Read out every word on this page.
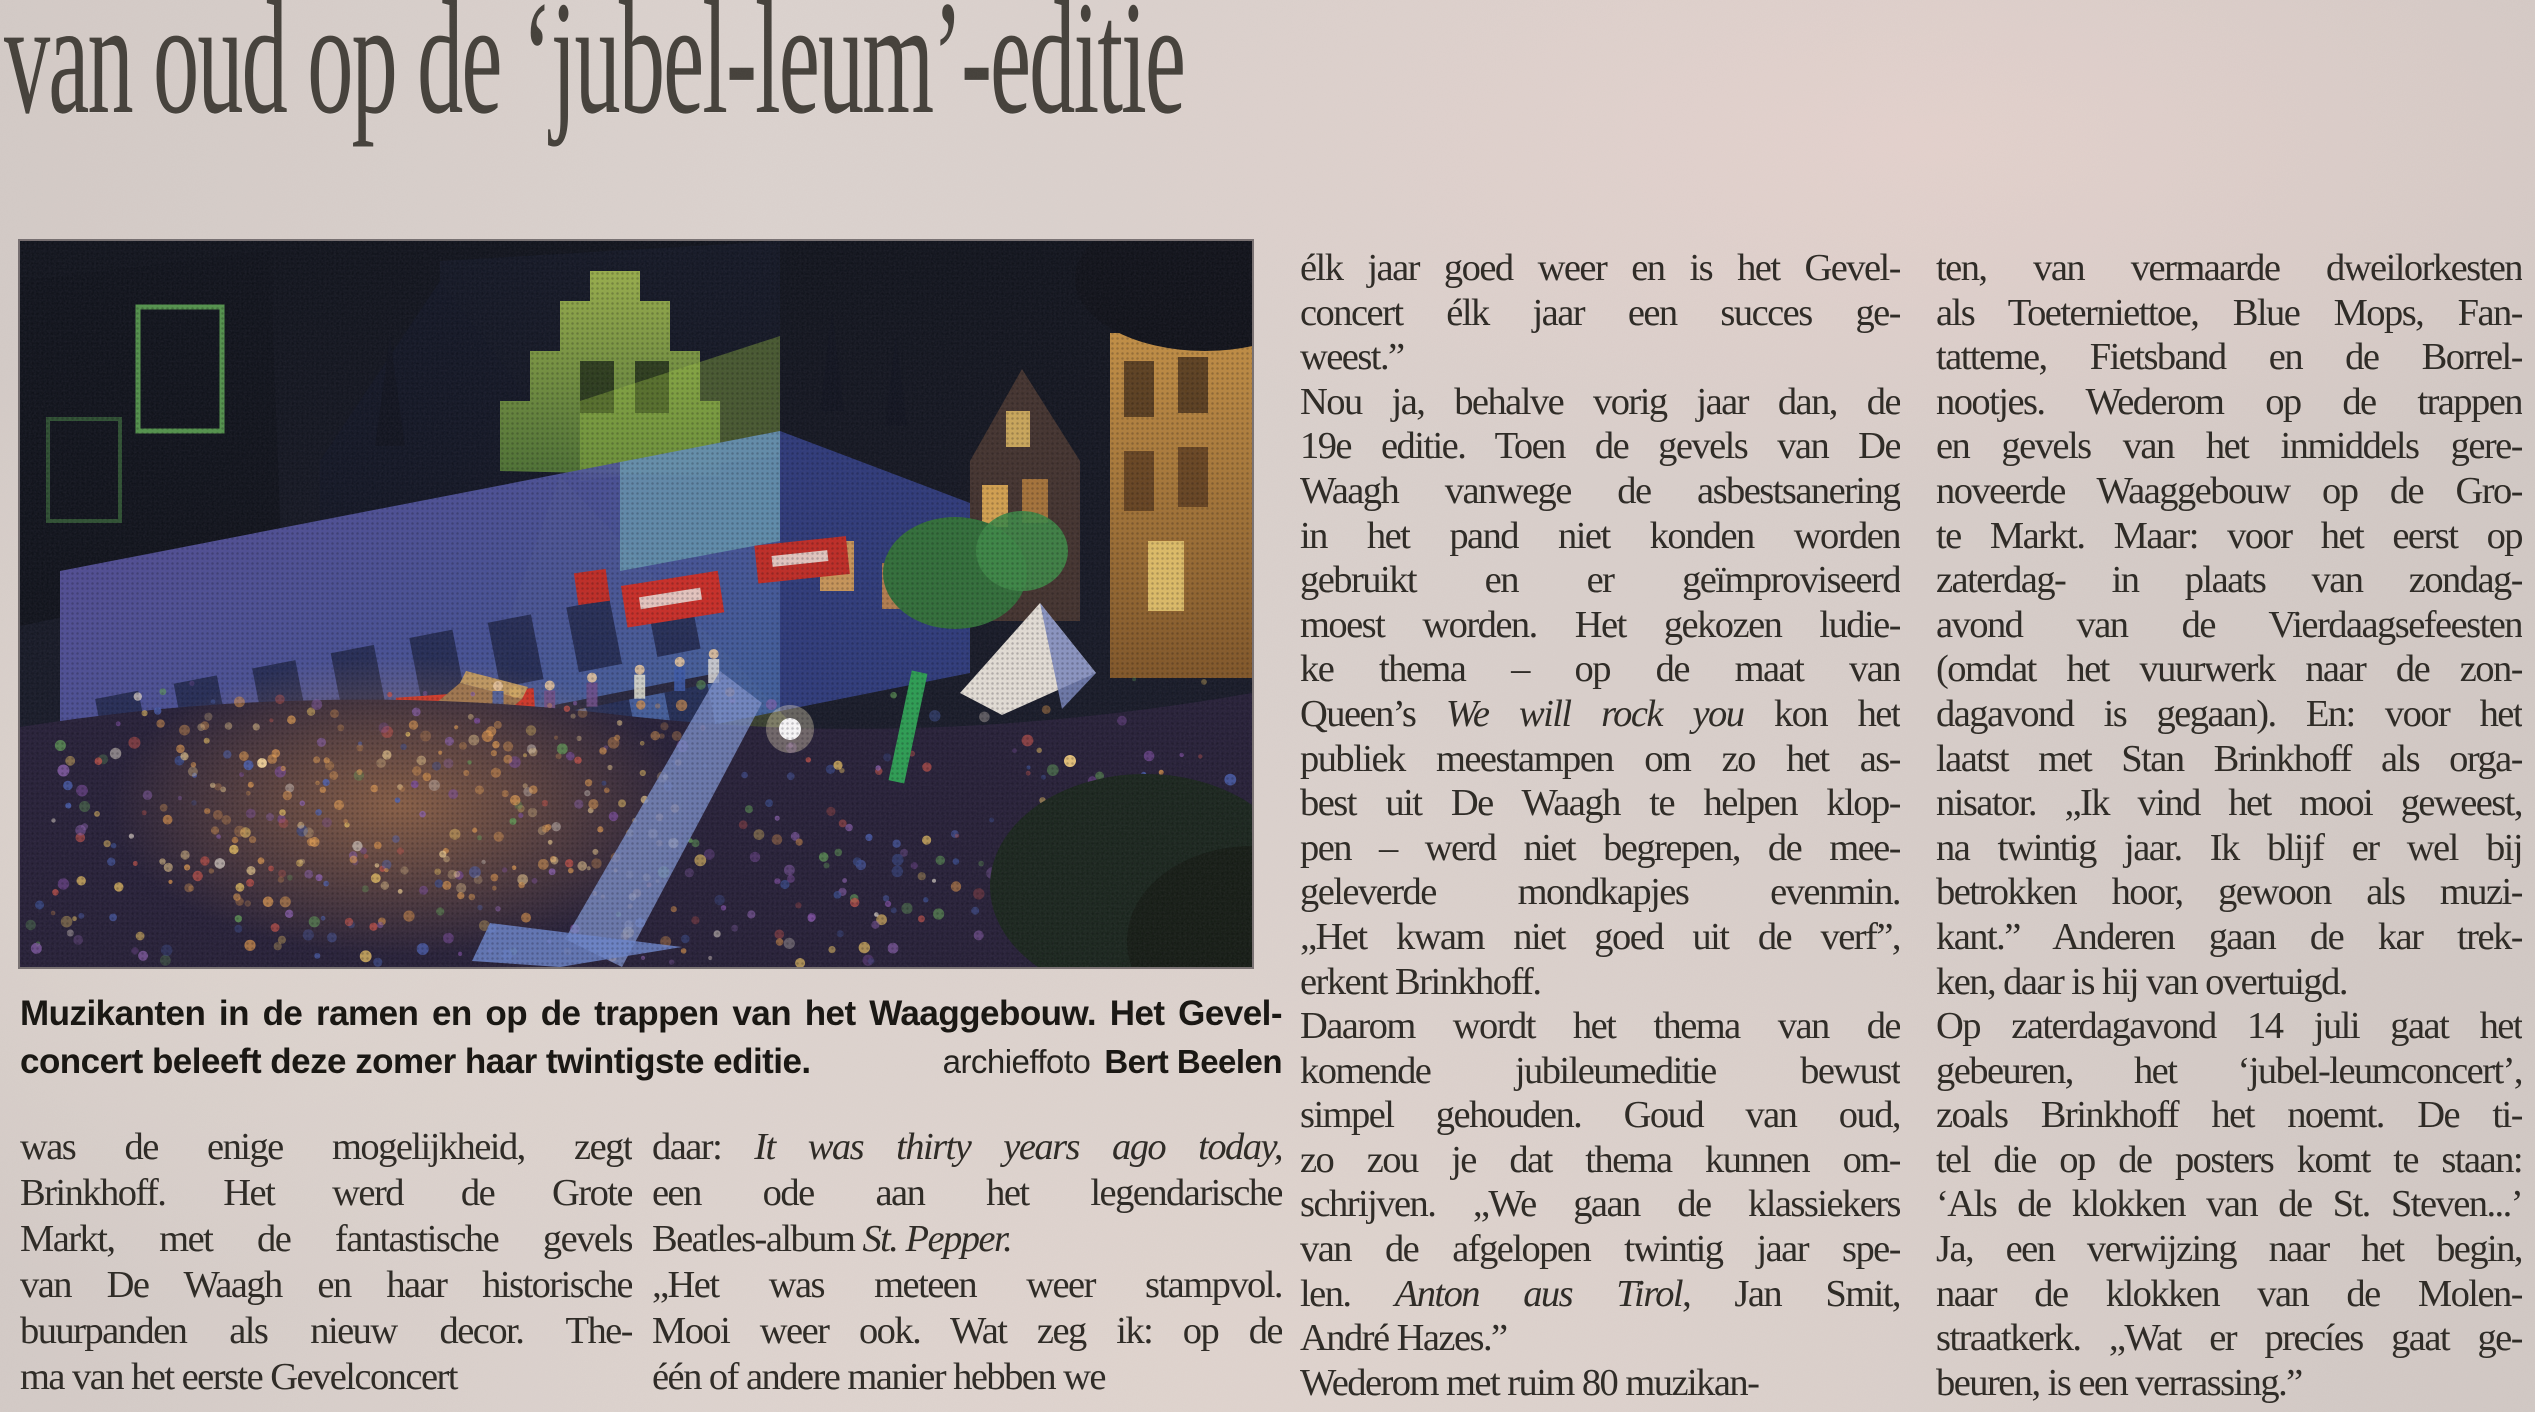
van oud op de ‘jubel-leum’-editie
Muzikanten in de ramen en op de trappen van het Waaggebouw. Het Gevel-
concert beleeft deze zomer haar twintigste editie.	archieffoto Bert Beelen
was de enige mogelijkheid, zegt
Brinkhoff. Het werd de Grote
Markt, met de fantastische gevels
van De Waagh en haar historische
buurpanden als nieuw decor. The-
ma van het eerste Gevelconcert
daar: It was thirty years ago today,
een ode aan het legendarische
Beatles-album St. Pepper.
„Het was meteen weer stampvol.
Mooi weer ook. Wat zeg ik: op de
één of andere manier hebben we
élk jaar goed weer en is het Gevel-
concert élk jaar een succes ge-
weest.”
Nou ja, behalve vorig jaar dan, de
19e editie. Toen de gevels van De
Waagh vanwege de asbestsanering
in het pand niet konden worden
gebruikt en er geïmproviseerd
moest worden. Het gekozen ludie-
ke thema – op de maat van
Queen’s We will rock you kon het
publiek meestampen om zo het as-
best uit De Waagh te helpen klop-
pen – werd niet begrepen, de mee-
geleverde mondkapjes evenmin.
„Het kwam niet goed uit de verf”,
erkent Brinkhoff.
Daarom wordt het thema van de
komende jubileumeditie bewust
simpel gehouden. Goud van oud,
zo zou je dat thema kunnen om-
schrijven. „We gaan de klassiekers
van de afgelopen twintig jaar spe-
len. Anton aus Tirol, Jan Smit,
André Hazes.”
Wederom met ruim 80 muzikan-
ten, van vermaarde dweilorkesten
als Toeterniettoe, Blue Mops, Fan-
tatteme, Fietsband en de Borrel-
nootjes. Wederom op de trappen
en gevels van het inmiddels gere-
noveerde Waaggebouw op de Gro-
te Markt. Maar: voor het eerst op
zaterdag- in plaats van zondag-
avond van de Vierdaagsefeesten
(omdat het vuurwerk naar de zon-
dagavond is gegaan). En: voor het
laatst met Stan Brinkhoff als orga-
nisator. „Ik vind het mooi geweest,
na twintig jaar. Ik blijf er wel bij
betrokken hoor, gewoon als muzi-
kant.” Anderen gaan de kar trek-
ken, daar is hij van overtuigd.
Op zaterdagavond 14 juli gaat het
gebeuren, het ‘jubel-leumconcert’,
zoals Brinkhoff het noemt. De ti-
tel die op de posters komt te staan:
‘Als de klokken van de St. Steven...’
Ja, een verwijzing naar het begin,
naar de klokken van de Molen-
straatkerk. „Wat er precíes gaat ge-
beuren, is een verrassing.”
